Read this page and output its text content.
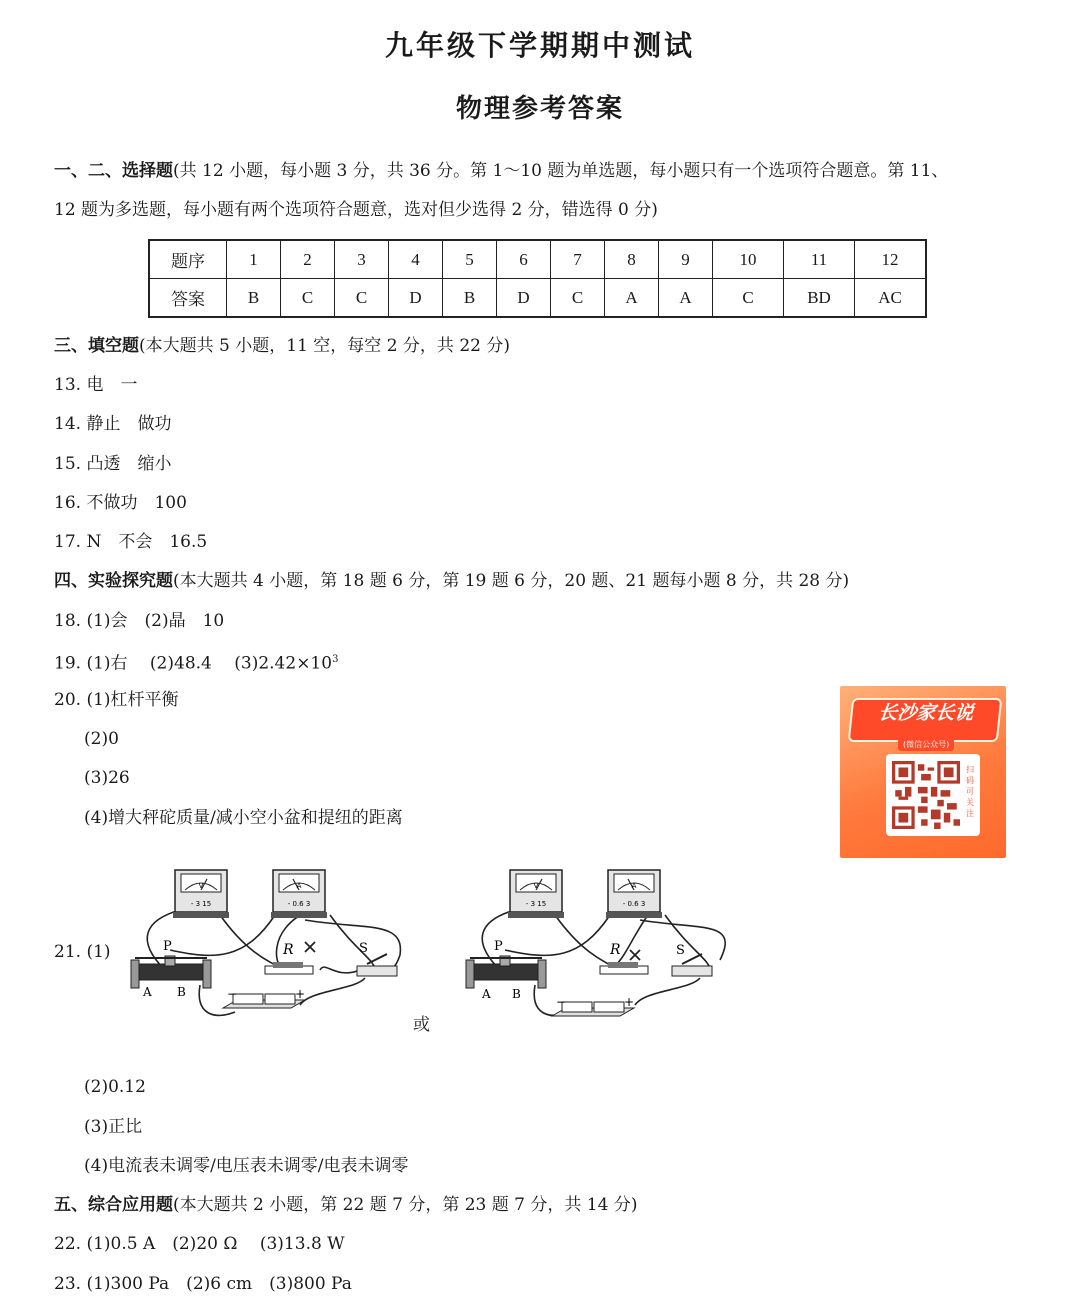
九年级下学期期中测试
物理参考答案
一、二、选择题(共 12 小题，每小题 3 分，共 36 分。第 1～10 题为单选题，每小题只有一个选项符合题意。第 11、
12 题为多选题，每小题有两个选项符合题意，选对但少选得 2 分，错选得 0 分)
题序	1	2	3	4	5	6	7	8	9	10	11	12
答案	B	C	C	D	B	D	C	A	A	C	BD	AC
三、填空题(本大题共 5 小题，11 空，每空 2 分，共 22 分)
13. 电　一
14. 静止　做功
15. 凸透　缩小
16. 不做功　100
17. N　不会　16.5
四、实验探究题(本大题共 4 小题，第 18 题 6 分，第 19 题 6 分，20 题、21 题每小题 8 分，共 28 分)
18. (1)会　(2)晶　10
19. (1)右　 (2)48.4　 $(3)2.42\times 10^3$
20. (1)杠杆平衡
(2)0
(3)26
(4)增大秤砣质量/减小空小盆和提纽的距离
21. (1)
V
- 3 15
A
- 0.6 3
R	S
P
A B	−	+
或
V
- 3 15
A
- 0.6 3
R	S
P
A B
−	+
(2)0.12
(3)正比
(4)电流表未调零/电压表未调零/电表未调零
五、综合应用题(本大题共 2 小题，第 22 题 7 分，第 23 题 7 分，共 14 分)
22. (1)0.5 A　(2)20 Ω　 (3)13.8 W
23. (1)300 Pa　(2)6 cm　(3)800 Pa
长沙家长说
(微信公众号)
扫码可关注
